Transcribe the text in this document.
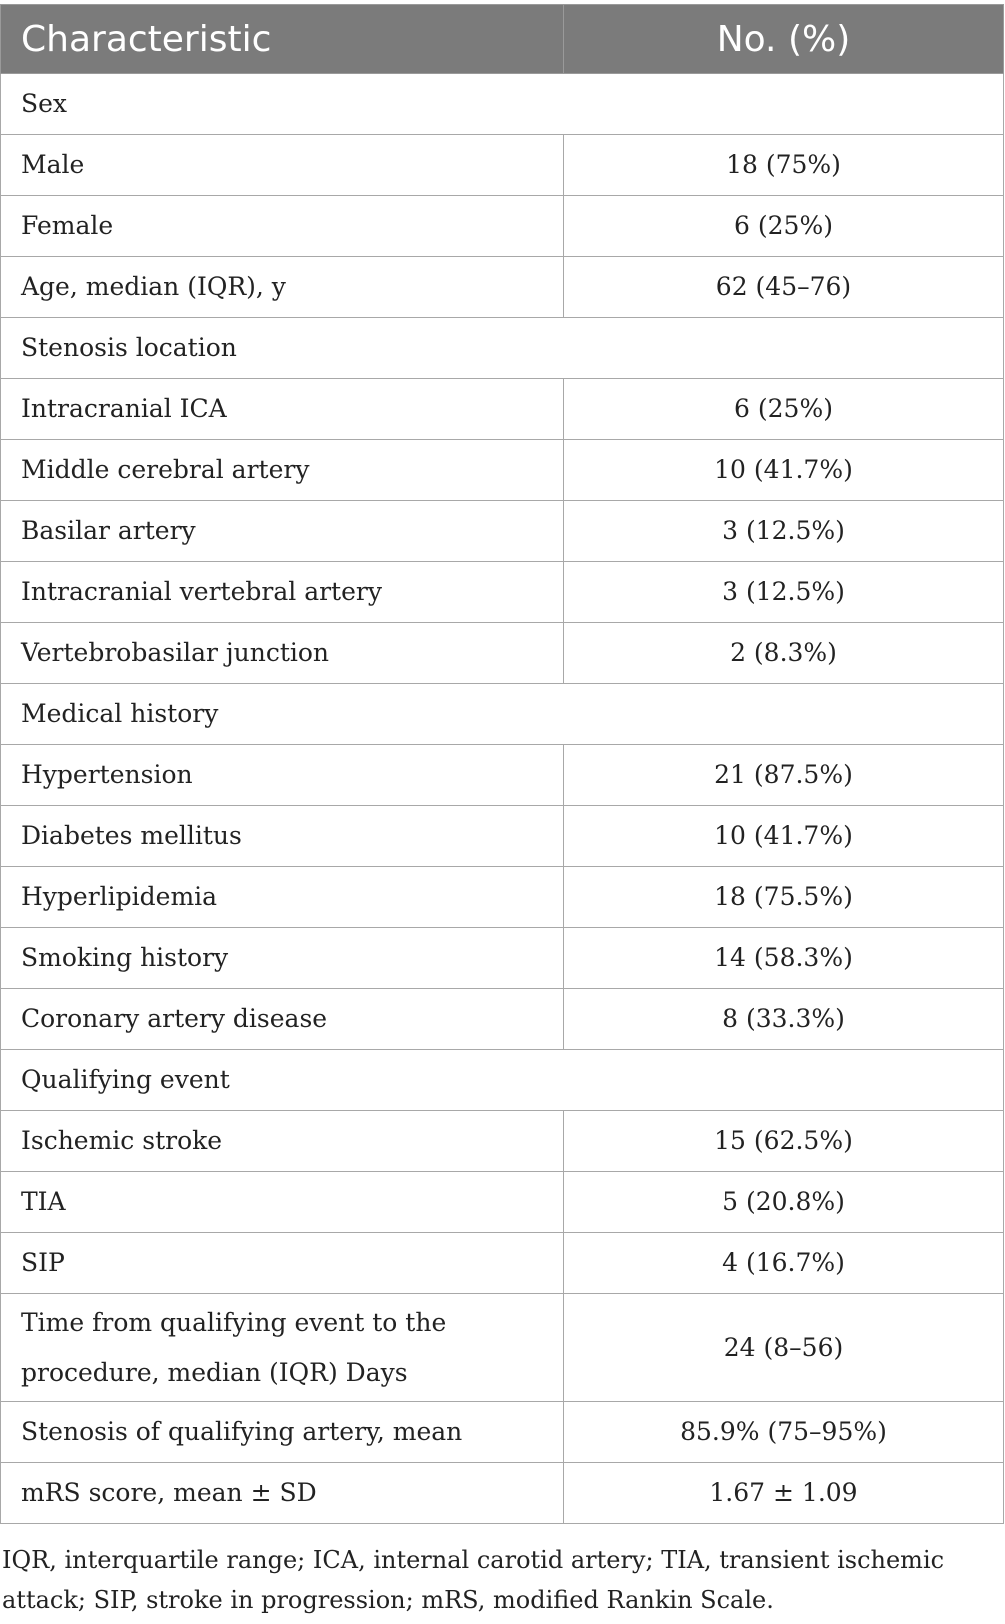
Characteristic	No. (%)
Sex	
Male	18 (75%)
Female	6 (25%)
Age, median (IQR), y	62 (45–76)
Stenosis location	
Intracranial ICA	6 (25%)
Middle cerebral artery	10 (41.7%)
Basilar artery	3 (12.5%)
Intracranial vertebral artery	3 (12.5%)
Vertebrobasilar junction	2 (8.3%)
Medical history	
Hypertension	21 (87.5%)
Diabetes mellitus	10 (41.7%)
Hyperlipidemia	18 (75.5%)
Smoking history	14 (58.3%)
Coronary artery disease	8 (33.3%)
Qualifying event	
Ischemic stroke	15 (62.5%)
TIA	5 (20.8%)
SIP	4 (16.7%)
Time from qualifying event to the procedure, median (IQR) Days	24 (8–56)
Stenosis of qualifying artery, mean	85.9% (75–95%)
mRS score, mean ± SD	1.67 ± 1.09
IQR, interquartile range; ICA, internal carotid artery; TIA, transient ischemic attack; SIP, stroke in progression; mRS, modified Rankin Scale.
